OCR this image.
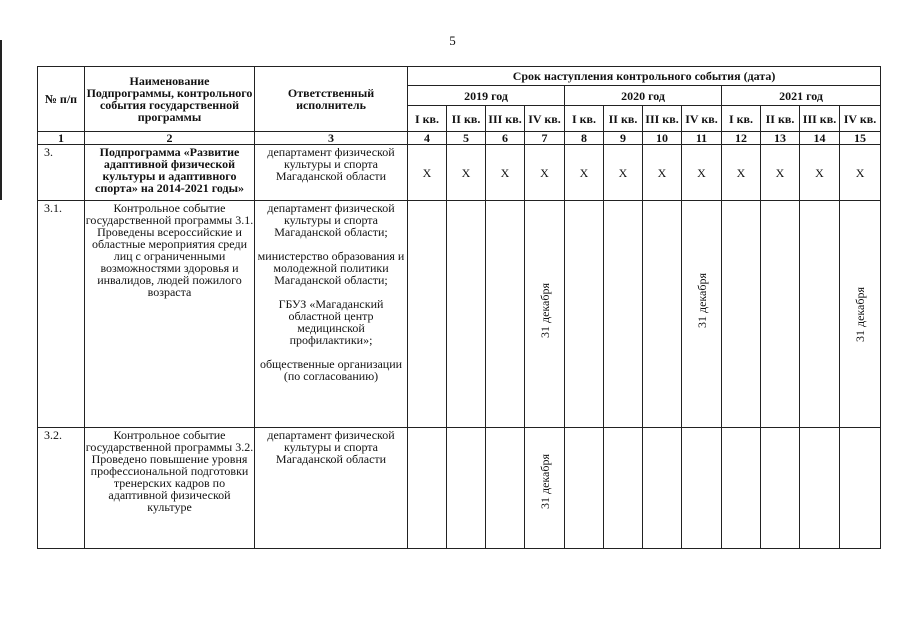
5
№ п/п	Наименование Подпрограммы, контрольного события государственной программы	Ответственный исполнитель	Срок наступления контрольного события (дата)											
			2019 год				2020 год				2021 год			
			I кв.	II кв.	III кв.	IV кв.	I кв.	II кв.	III кв.	IV кв.	I кв.	II кв.	III кв.	IV кв.
1	2	3	4	5	6	7	8	9	10	11	12	13	14	15
3.	Подпрограмма «Развитие адаптивной физической культуры и адаптивного спорта» на 2014-2021 годы»	департамент физической культуры и спорта Магаданской области	X	X	X	X	X	X	X	X	X	X	X	X
3.1.	Контрольное событие государственной программы 3.1. Проведены всероссийские и областные мероприятия среди лиц с ограниченными возможностями здоровья и инвалидов, людей пожилого возраста	департамент физической культуры и спорта Магаданской области;
министерство образования и молодежной политики Магаданской области;
ГБУЗ «Магаданский областной центр медицинской профилактики»;
общественные организации (по согласованию)				31 декабря				31 декабря				31 декабря

3.2.	Контрольное событие государственной программы 3.2. Проведено повышение уровня профессиональной подготовки тренерских кадров по адаптивной физической культуре	департамент физической культуры и спорта Магаданской области				31 декабря								
